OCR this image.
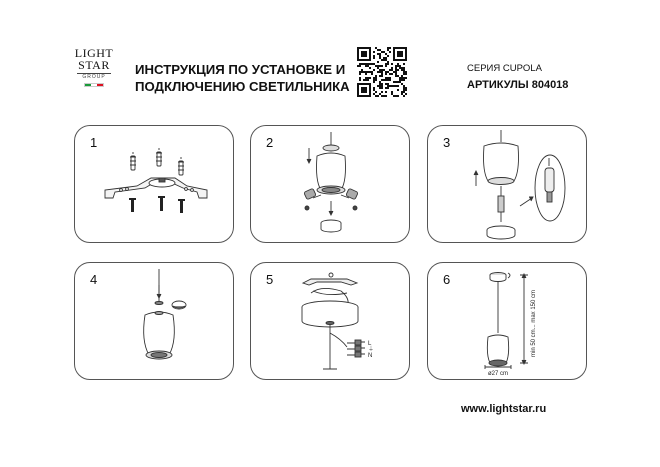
LIGHT
STAR
GROUP	ИНСТРУКЦИЯ ПО УСТАНОВКЕ И
ПОДКЛЮЧЕНИЮ СВЕТИЛЬНИКА
СЕРИЯ CUPOLA
АРТИКУЛЫ 804018
1	2	3
4	5
L
⏚
N
6
min 50 cm... max 150 cm
ø27 cm
www.lightstar.ru
